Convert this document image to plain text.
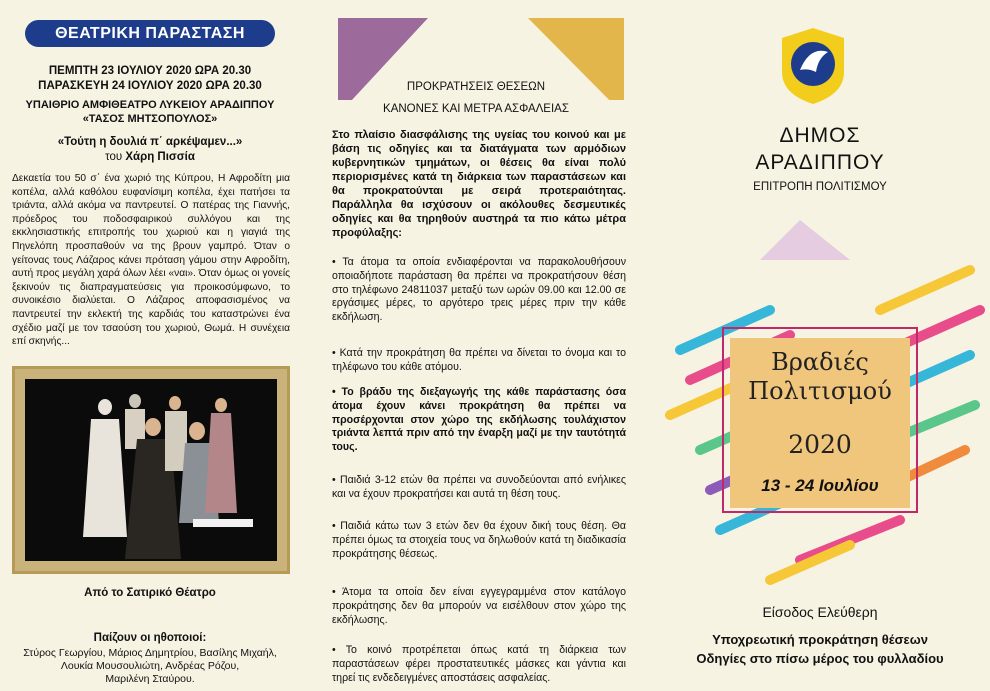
ΘΕΑΤΡΙΚΗ ΠΑΡΑΣΤΑΣΗ
ΠΕΜΠΤΗ 23 ΙΟΥΛΙΟΥ 2020 ΩΡΑ 20.30
ΠΑΡΑΣΚΕΥΗ 24 ΙΟΥΛΙΟΥ 2020 ΩΡΑ 20.30
ΥΠΑΙΘΡΙΟ ΑΜΦΙΘΕΑΤΡΟ ΛΥΚΕΙΟΥ ΑΡΑΔΙΠΠΟΥ
«ΤΑΣΟΣ ΜΗΤΣΟΠΟΥΛΟΣ»
«Τούτη η δουλιά π΄ αρκέψαμεν...»
του Χάρη Πισσία
Δεκαετία του 50 σ΄ ένα χωριό της Κύπρου, Η Αφροδίτη μια κοπέλα, αλλά καθόλου ευφανίσιμη κοπέλα, έχει πατήσει τα τριάντα, αλλά ακόμα να παντρευτεί. Ο πατέρας της Γιαννής, πρόεδρος του ποδοσφαιρικού συλλόγου και της εκκλησιαστικής επιτροπής του χωριού και η γιαγιά της Πηνελόπη προσπαθούν να της βρουν γαμπρό. Όταν ο γείτονας τους Λάζαρος κάνει πρόταση γάμου στην Αφροδίτη, αυτή προς μεγάλη χαρά όλων λέει «ναι». Όταν όμως οι γονείς ξεκινούν τις διαπραγματεύσεις για προικοσύμφωνο, το συνοικέσιο διαλύεται. Ο Λάζαρος αποφασισμένος να παντρευτεί την εκλεκτή της καρδιάς του καταστρώνει ένα σχέδιο μαζί με τον τσαούση του χωριού, Θωμά. Η συνέχεια επί σκηνής...
Από το Σατιρικό Θέατρο
Παίζουν οι ηθοποιοί:
Στύρος Γεωργίου, Μάριος Δημητρίου, Βασίλης Μιχαήλ,
Λουκία Μουσουλιώτη, Ανδρέας Ρόζου,
Μαριλένη Σταύρου.
ΠΡΟΚΡΑΤΗΣΕΙΣ ΘΕΣΕΩΝ
ΚΑΝΟΝΕΣ ΚΑΙ ΜΕΤΡΑ ΑΣΦΑΛΕΙΑΣ
Στο πλαίσιο διασφάλισης της υγείας του κοινού και με βάση τις οδηγίες και τα διατάγματα των αρμόδιων κυβερνητικών τμημάτων, οι θέσεις θα είναι πολύ περιορισμένες κατά τη διάρκεια των παραστάσεων και θα προκρατούνται με σειρά προτεραιότητας. Παράλληλα θα ισχύσουν οι ακόλουθες δεσμευτικές οδηγίες και θα τηρηθούν αυστηρά τα πιο κάτω μέτρα προφύλαξης:
• Τα άτομα τα οποία ενδιαφέρονται να παρακολουθήσουν οποιαδήποτε παράσταση θα πρέπει να προκρατήσουν θέση στο τηλέφωνο 24811037 μεταξύ των ωρών 09.00 και 12.00 σε εργάσιμες μέρες, το αργότερο τρεις μέρες πριν την κάθε εκδήλωση.
• Κατά την προκράτηση θα πρέπει να δίνεται το όνομα και το τηλέφωνο του κάθε ατόμου.
• Το βράδυ της διεξαγωγής της κάθε παράστασης όσα άτομα έχουν κάνει προκράτηση θα πρέπει να προσέρχονται στον χώρο της εκδήλωσης τουλάχιστον τριάντα λεπτά πριν από την έναρξη μαζί με την ταυτότητά τους.
• Παιδιά 3-12 ετών θα πρέπει να συνοδεύονται από ενήλικες και να έχουν προκρατήσει και αυτά τη θέση τους.
• Παιδιά κάτω των 3 ετών δεν θα έχουν δική τους θέση. Θα πρέπει όμως τα στοιχεία τους να δηλωθούν κατά τη διαδικασία προκράτησης θέσεως.
• Άτομα τα οποία δεν είναι εγγεγραμμένα στον κατάλογο προκράτησης δεν θα μπορούν να εισέλθουν στον χώρο της εκδήλωσης.
• Το κοινό προτρέπεται όπως κατά τη διάρκεια των παραστάσεων φέρει προστατευτικές μάσκες και γάντια και τηρεί τις ενδεδειγμένες αποστάσεις ασφαλείας.
ΔΗΜΟΣ
ΑΡΑΔΙΠΠΟΥ
ΕΠΙΤΡΟΠΗ ΠΟΛΙΤΙΣΜΟΥ
Βραδιές
Πολιτισμού
2020
13 - 24 Ιουλίου
Είσοδος Ελεύθερη
Υποχρεωτική προκράτηση θέσεων
Οδηγίες στο πίσω μέρος του φυλλαδίου
